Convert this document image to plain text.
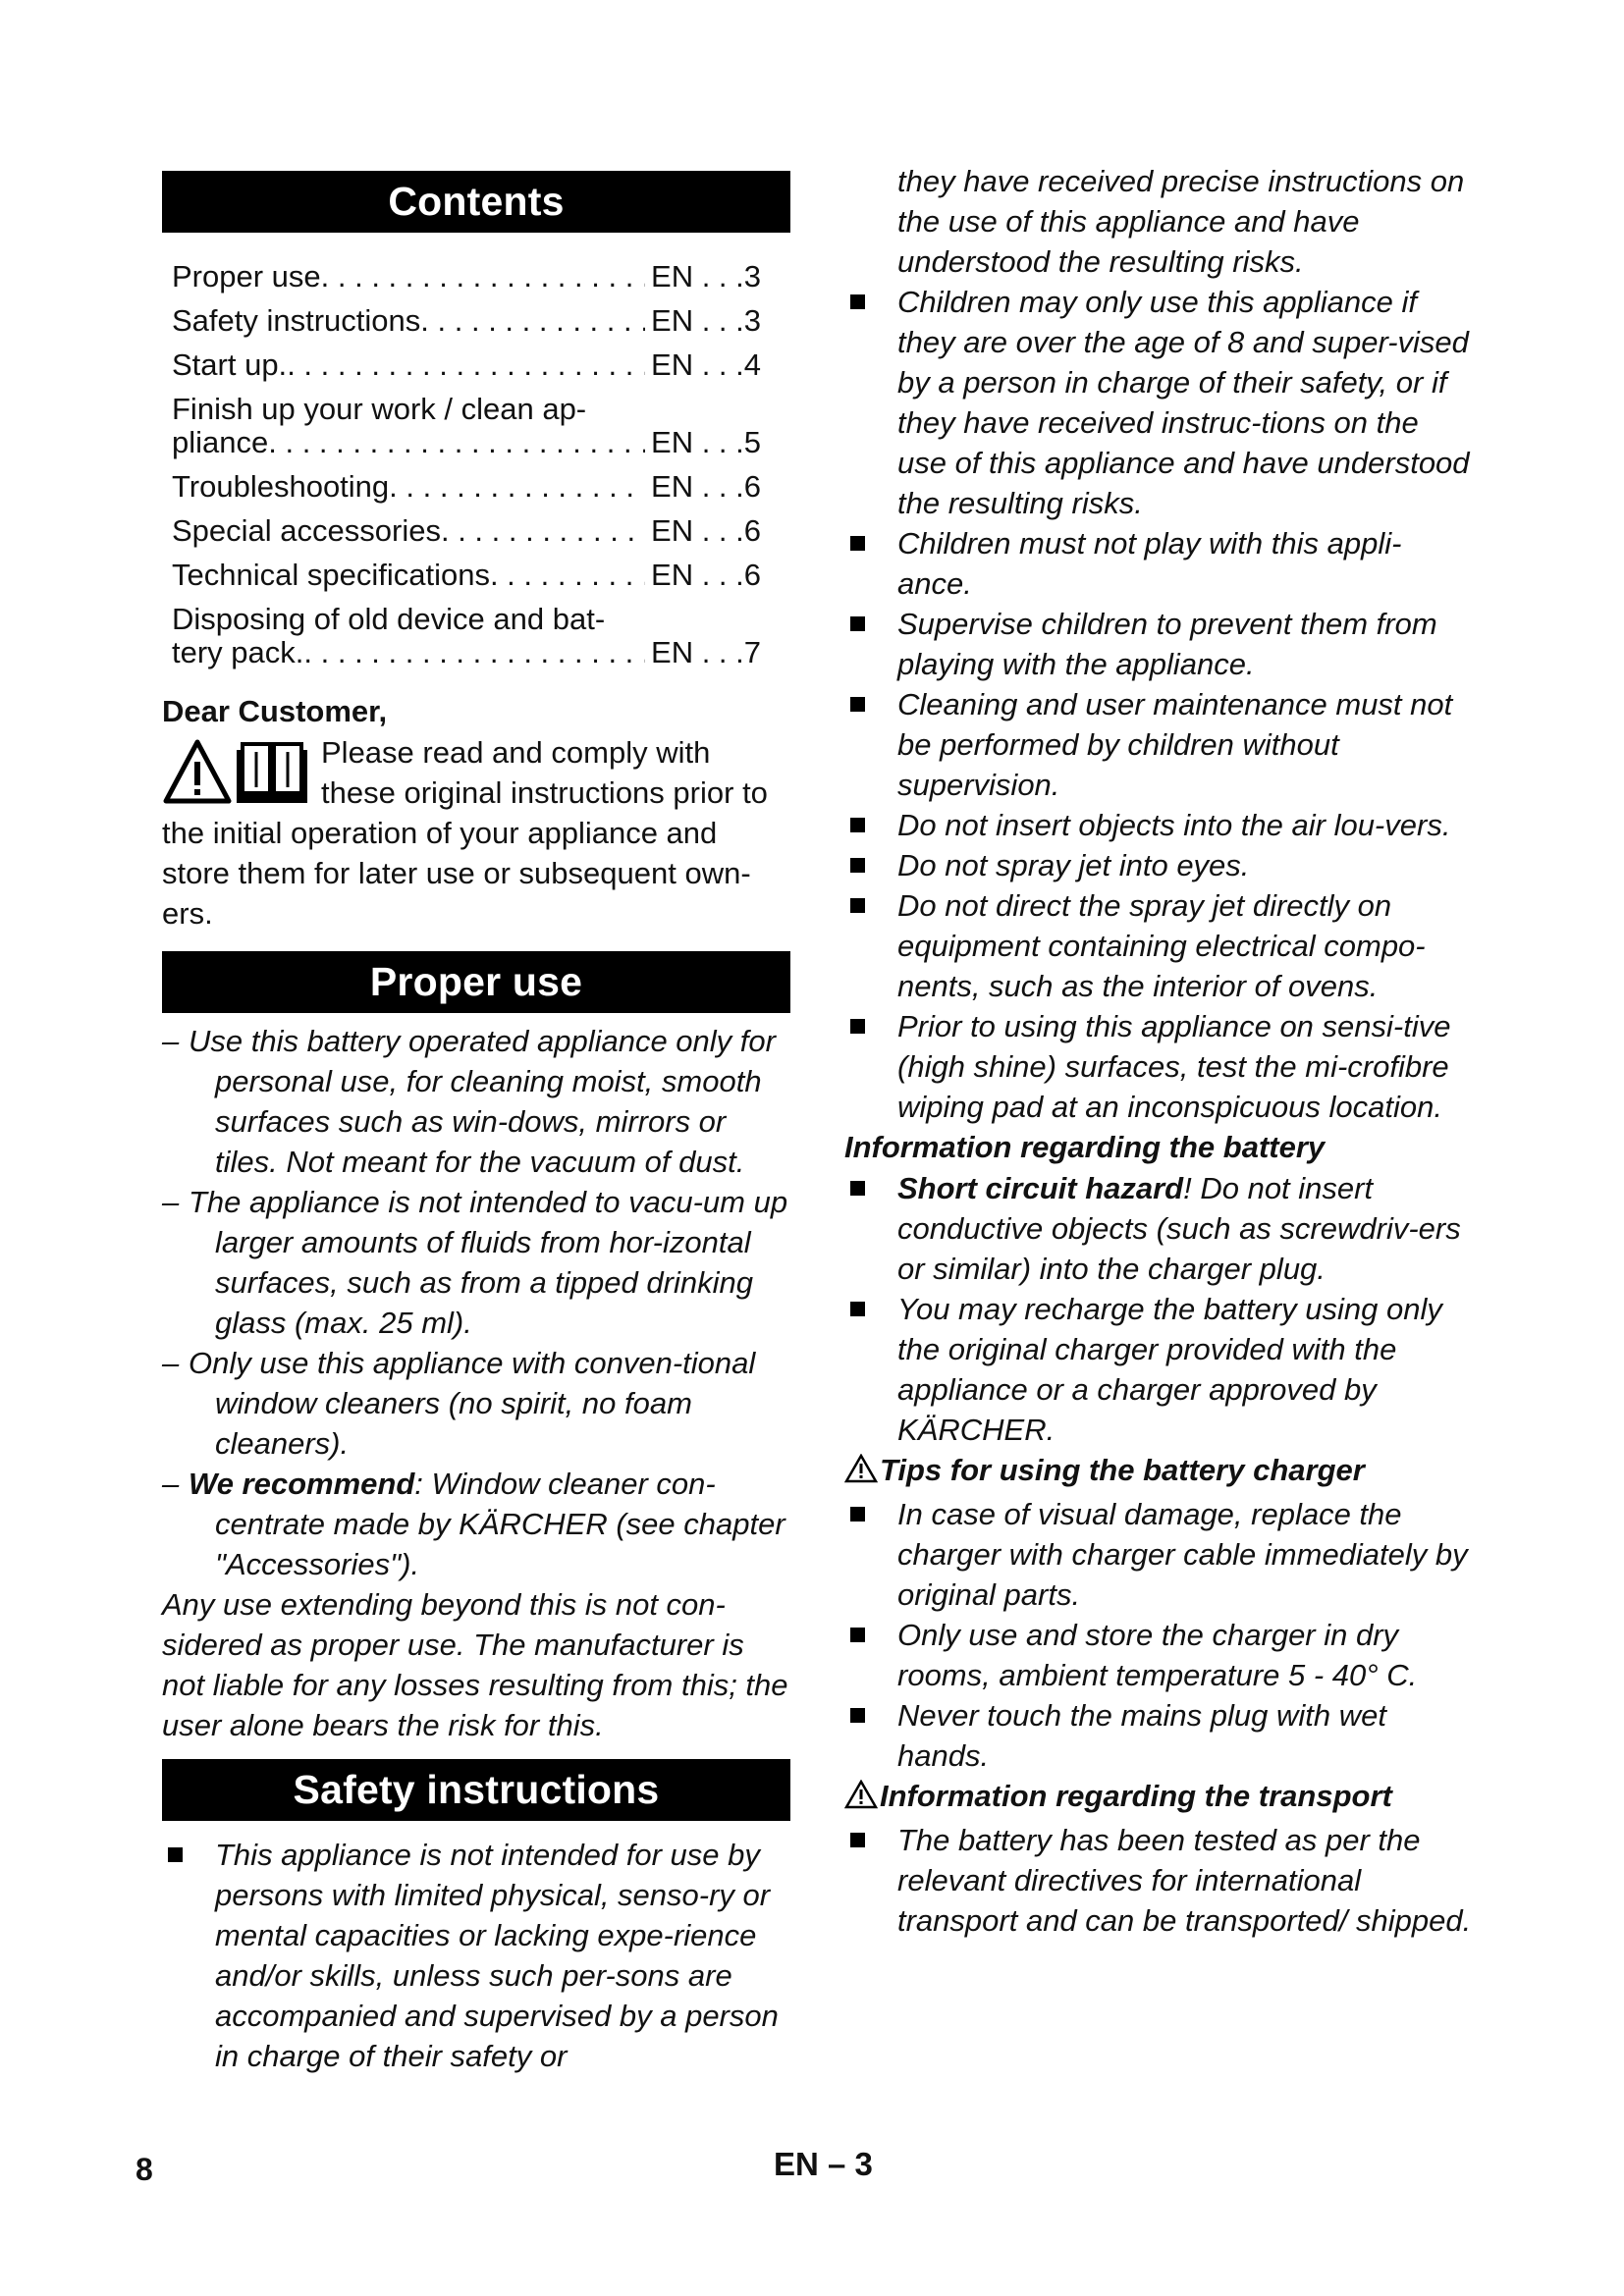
Contents
Proper use . . .	EN . . .3
Safety instructions . . .	EN . . .3
Start up. . . .	EN . . .4
Finish up your work / clean ap-
pliance . . .	EN . . .5
Troubleshooting . . .	EN . . .6
Special accessories . . .	EN . . .6
Technical specifications . . .	EN . . .6
Disposing of old device and bat-
tery pack. . . .	EN . . .7
Dear Customer,
Please read and comply with these original instructions prior to the initial operation of your appliance and store them for later use or subsequent own-ers.
Proper use
– Use this battery operated appliance only for personal use, for cleaning moist, smooth surfaces such as win-dows, mirrors or tiles. Not meant for the vacuum of dust.
– The appliance is not intended to vacu-um up larger amounts of fluids from hor-izontal surfaces, such as from a tipped drinking glass (max. 25 ml).
– Only use this appliance with conven-tional window cleaners (no spirit, no foam cleaners).
– We recommend: Window cleaner con-centrate made by KÄRCHER (see chapter "Accessories").
Any use extending beyond this is not con-sidered as proper use. The manufacturer is not liable for any losses resulting from this; the user alone bears the risk for this.
Safety instructions
This appliance is not intended for use by persons with limited physical, senso-ry or mental capacities or lacking expe-rience and/or skills, unless such per-sons are accompanied and supervised by a person in charge of their safety or
they have received precise instructions on the use of this appliance and have understood the resulting risks.
Children may only use this appliance if they are over the age of 8 and super-vised by a person in charge of their safety, or if they have received instruc-tions on the use of this appliance and have understood the resulting risks.
Children must not play with this appli-ance.
Supervise children to prevent them from playing with the appliance.
Cleaning and user maintenance must not be performed by children without supervision.
Do not insert objects into the air lou-vers.
Do not spray jet into eyes.
Do not direct the spray jet directly on equipment containing electrical compo-nents, such as the interior of ovens.
Prior to using this appliance on sensi-tive (high shine) surfaces, test the mi-crofibre wiping pad at an inconspicuous location.
Information regarding the battery
Short circuit hazard! Do not insert conductive objects (such as screwdriv-ers or similar) into the charger plug.
You may recharge the battery using only the original charger provided with the appliance or a charger approved by KÄRCHER.
Tips for using the battery charger
In case of visual damage, replace the charger with charger cable immediately by original parts.
Only use and store the charger in dry rooms, ambient temperature 5 - 40° C.
Never touch the mains plug with wet hands.
Information regarding the transport
The battery has been tested as per the relevant directives for international transport and can be transported/ shipped.
8	EN – 3
